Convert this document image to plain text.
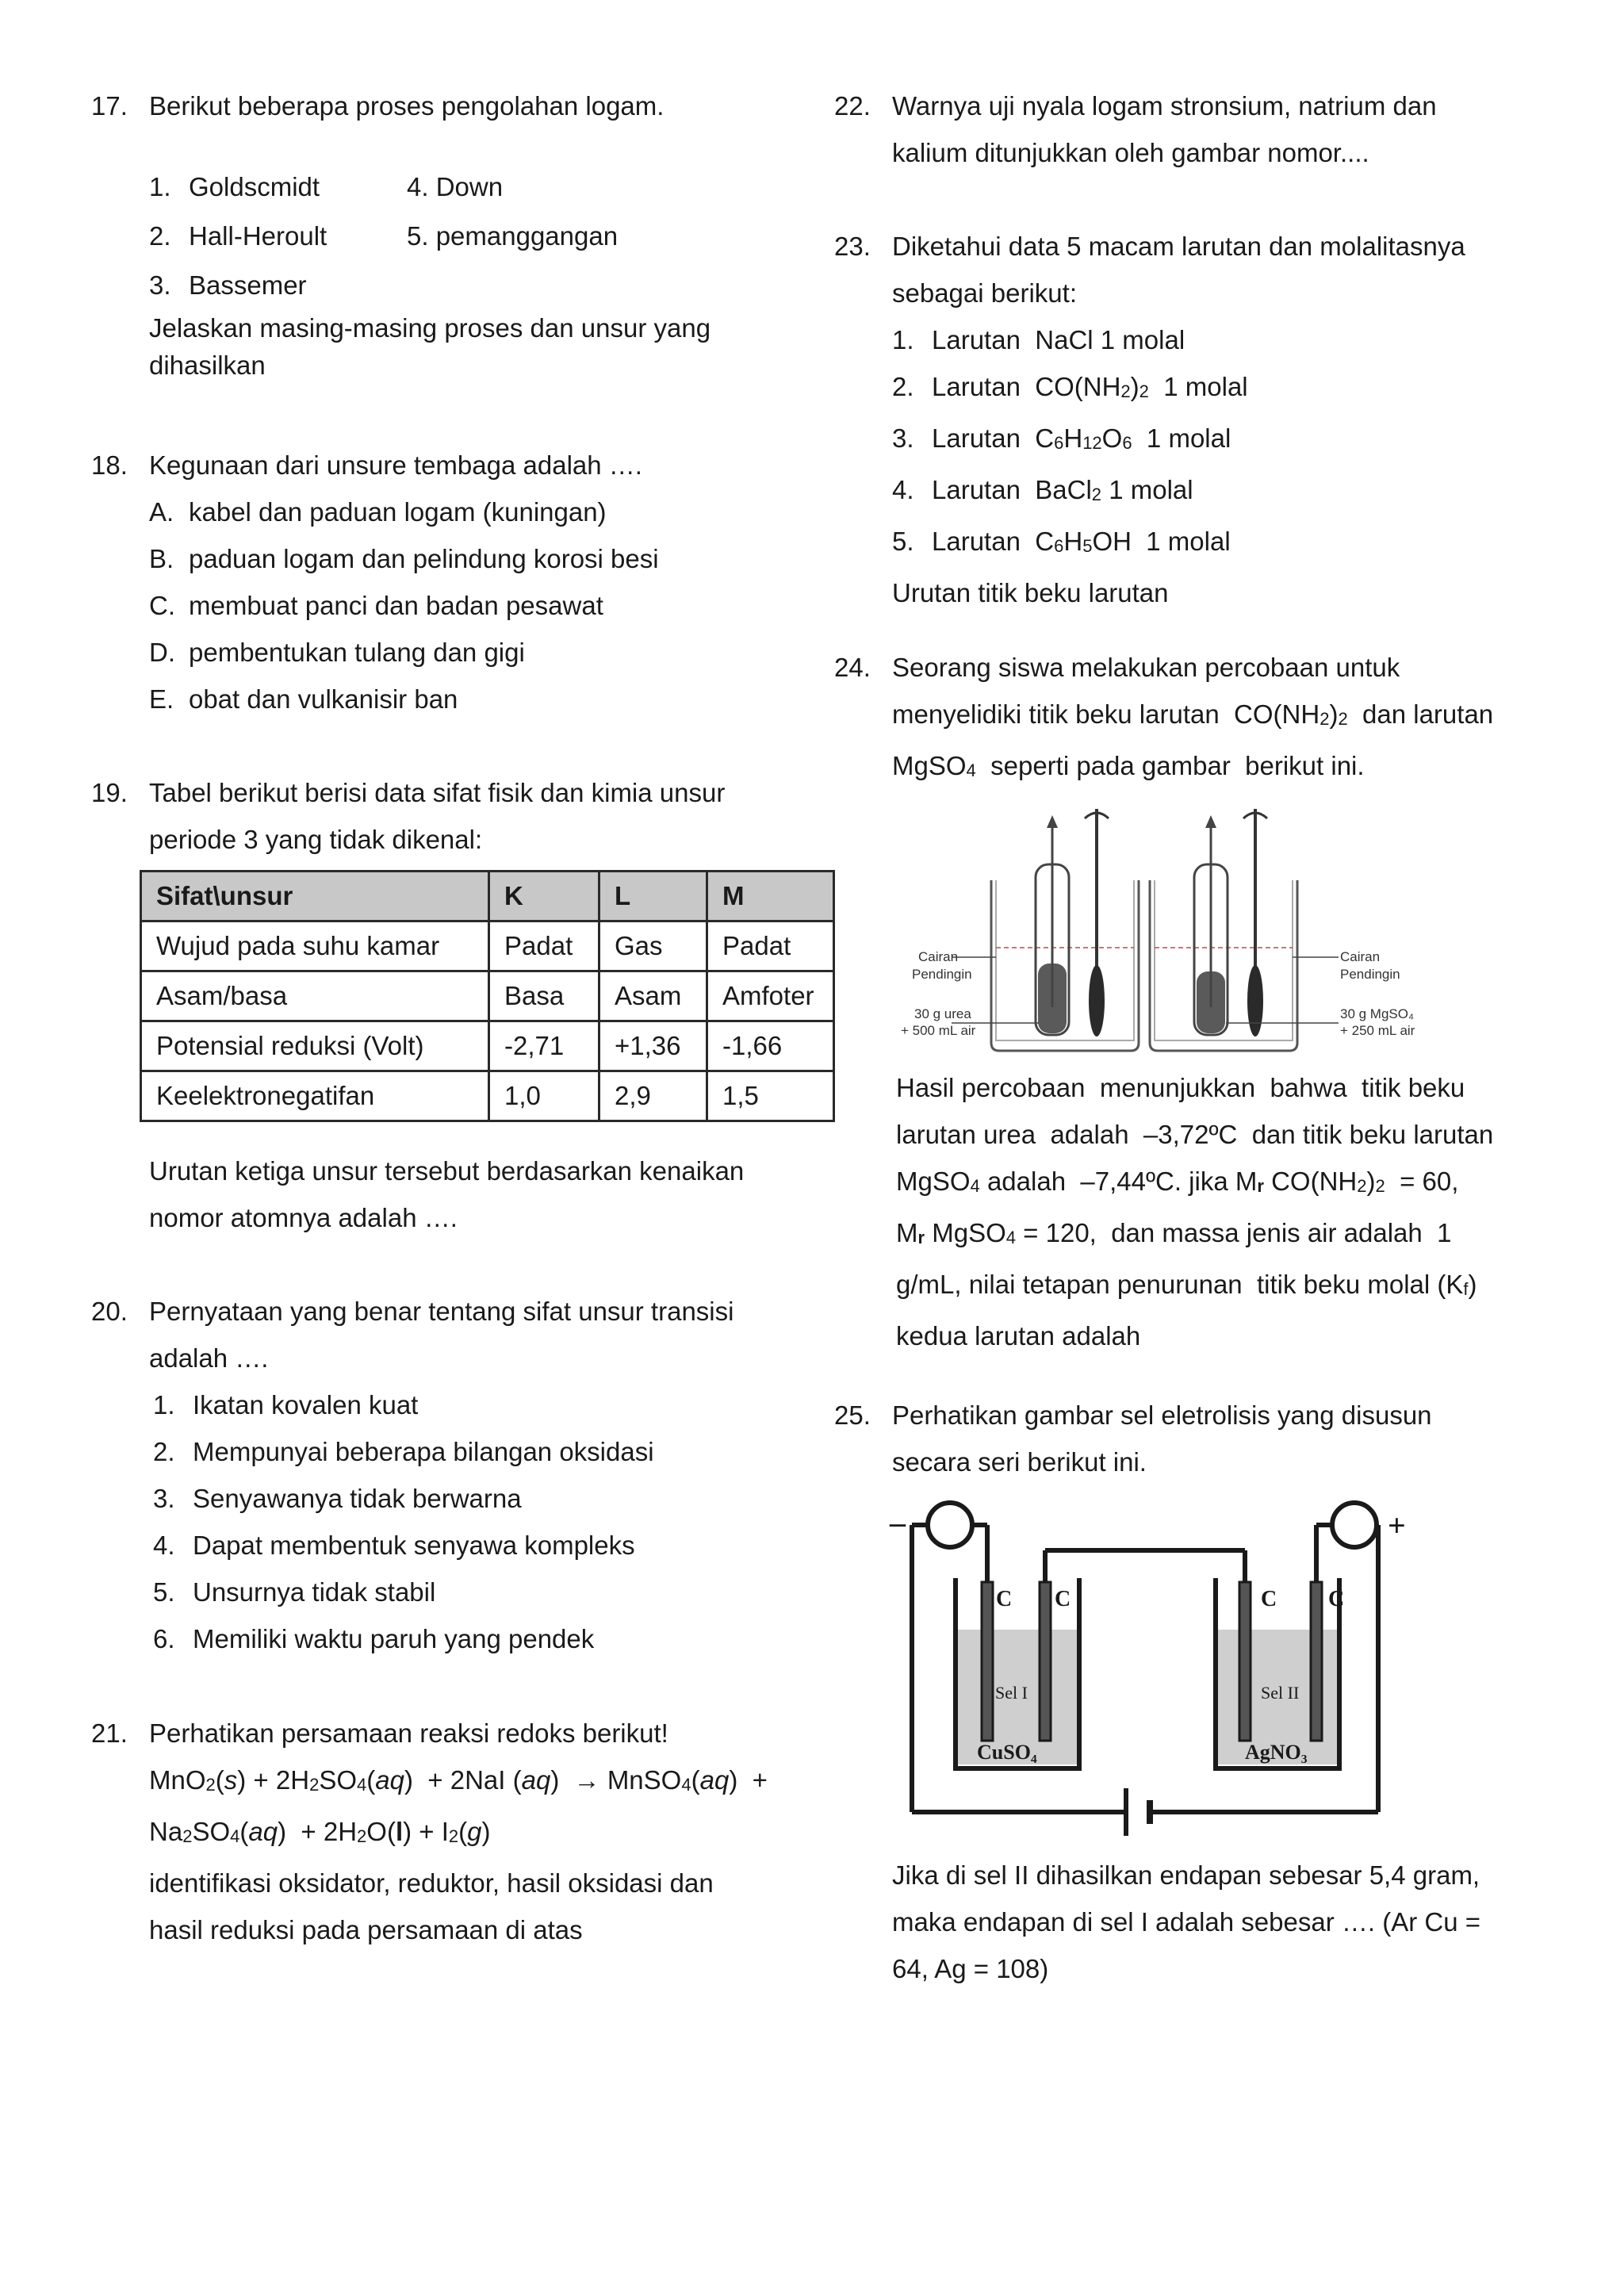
17. Berikut beberapa proses pengolahan logam.
1. Goldscmidt
2. Hall-Heroult
3. Bassemer
4. Down
5. pemanggangan
Jelaskan masing-masing proses dan unsur yang
dihasilkan
18. Kegunaan dari unsure tembaga adalah ….
A. kabel dan paduan logam (kuningan)
B. paduan logam dan pelindung korosi besi
C. membuat panci dan badan pesawat
D. pembentukan tulang dan gigi
E. obat dan vulkanisir ban
19. Tabel berikut berisi data sifat fisik dan kimia unsur
periode 3 yang tidak dikenal:
Sifat\unsur	K	L	M
Wujud pada suhu kamar	Padat	Gas	Padat
Asam/basa	Basa	Asam	Amfoter
Potensial reduksi (Volt)	-2,71	+1,36	-1,66
Keelektronegatifan	1,0	2,9	1,5
Urutan ketiga unsur tersebut berdasarkan kenaikan
nomor atomnya adalah ….
20. Pernyataan yang benar tentang sifat unsur transisi
adalah ….
1. Ikatan kovalen kuat
2. Mempunyai beberapa bilangan oksidasi
3. Senyawanya tidak berwarna
4. Dapat membentuk senyawa kompleks
5. Unsurnya tidak stabil
6. Memiliki waktu paruh yang pendek
21. Perhatikan persamaan reaksi redoks berikut!
$MnO_2(s) + 2H_2SO_4(aq) + 2NaI$ (aq)  → MnSO$_4$(aq)  +
$Na_2SO_4(aq) + 2H_2O(l) + I_2(g)$
identifikasi oksidator, reduktor, hasil oksidasi dan
hasil reduksi pada persamaan di atas
22. Warnya uji nyala logam stronsium, natrium dan
kalium ditunjukkan oleh gambar nomor....
23. Diketahui data 5 macam larutan dan molalitasnya
sebagai berikut:
1. Larutan  NaCl 1 molal
2. Larutan  $CO(NH_2)_2$  1 molal
3. Larutan  $C_6H_{12}O_6$  1 molal
4. Larutan  BaCl$_2$ 1 molal
5. Larutan  $C_6H_5OH$  1 molal
Urutan titik beku larutan
24. Seorang siswa melakukan percobaan untuk
menyelidiki titik beku larutan  $CO(NH_2)_2$  dan larutan
MgSO$_4$  seperti pada gambar  berikut ini.
Cairan
Pendingin
30 g urea
+ 500 mL air
Cairan
Pendingin
30 g MgSO₄
+ 250 mL air
Hasil percobaan  menunjukkan  bahwa  titik beku
larutan urea  adalah  –3,72ºC  dan titik beku larutan
MgSO$_4$ adalah  –7,44ºC. jika $M_r$ $CO(NH_2)_2 = 60$,
$M_r$ MgSO$_4$ = 120,  dan massa jenis air adalah  1
g/mL, nilai tetapan penurunan  titik beku molal $(K_f)$
kedua larutan adalah
25. Perhatikan gambar sel eletrolisis yang disusun
secara seri berikut ini.
–	+
C C	C C
Sel I	Sel II
CuSO₄	AgNO₃
Jika di sel II dihasilkan endapan sebesar 5,4 gram,
maka endapan di sel I adalah sebesar …. (Ar Cu =
64, Ag = 108)
